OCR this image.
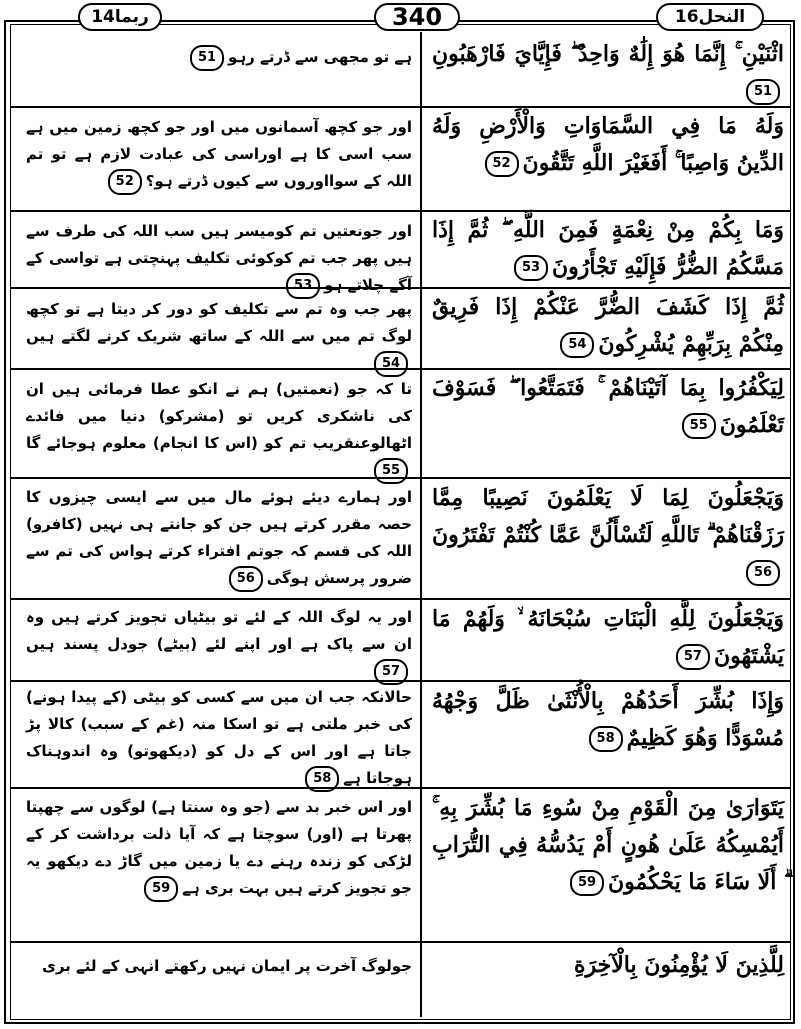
ربما14	340	النحل16
اثْنَيْنِ ۚ إِنَّمَا هُوَ إِلَٰهٌ وَاحِدٌ ۖ فَإِيَّايَ فَارْهَبُونِ51
ہے تو مجھی سے ڈرتے رہو51
وَلَهُ مَا فِي السَّمَاوَاتِ وَالْأَرْضِ وَلَهُ الدِّينُ وَاصِبًا ۚ أَفَغَيْرَ اللَّهِ تَتَّقُونَ52
اور جو کچھ آسمانوں میں اور جو کچھ زمین میں ہے سب اسی کا ہے اوراسی کی عبادت لازم ہے تو تم اللہ کے سوااوروں سے کیوں ڈرتے ہو؟52
وَمَا بِكُمْ مِنْ نِعْمَةٍ فَمِنَ اللَّهِ ۖ ثُمَّ إِذَا مَسَّكُمُ الضُّرُّ فَإِلَيْهِ تَجْأَرُونَ53
اور جونعتیں تم کومیسر ہیں سب اللہ کی طرف سے ہیں پھر جب تم کوکوئی تکلیف پہنچتی ہے تواسی کے آگے چلاتے ہو53
ثُمَّ إِذَا كَشَفَ الضُّرَّ عَنْكُمْ إِذَا فَرِيقٌ مِنْكُمْ بِرَبِّهِمْ يُشْرِكُونَ54
پھر جب وہ تم سے تکلیف کو دور کر دیتا ہے تو کچھ لوگ تم میں سے اللہ کے ساتھ شریک کرنے لگتے ہیں54
لِيَكْفُرُوا بِمَا آتَيْنَاهُمْ ۚ فَتَمَتَّعُوا ۖ فَسَوْفَ تَعْلَمُونَ55
تا کہ جو (نعمتیں) ہم نے انکو عطا فرمائی ہیں ان کی ناشکری کریں تو (مشرکو) دنیا میں فائدے اٹھالوعنقریب تم کو (اس کا انجام) معلوم ہوجائے گا55
وَيَجْعَلُونَ لِمَا لَا يَعْلَمُونَ نَصِيبًا مِمَّا رَزَقْنَاهُمْ ۗ تَاللَّهِ لَتُسْأَلُنَّ عَمَّا كُنْتُمْ تَفْتَرُونَ56
اور ہمارے دیئے ہوئے مال میں سے ایسی چیزوں کا حصہ مقرر کرتے ہیں جن کو جانتے ہی نہیں (کافرو) اللہ کی قسم کہ جوتم افتراء کرتے ہواس کی تم سے ضرور پرسش ہوگی56
وَيَجْعَلُونَ لِلَّهِ الْبَنَاتِ سُبْحَانَهُ ۙ وَلَهُمْ مَا يَشْتَهُونَ57
اور یہ لوگ اللہ کے لئے تو بیٹیاں تجویز کرتے ہیں وہ ان سے پاک ہے اور اپنے لئے (بیٹے) جودل پسند ہیں57
وَإِذَا بُشِّرَ أَحَدُهُمْ بِالْأُنْثَىٰ ظَلَّ وَجْهُهُ مُسْوَدًّا وَهُوَ كَظِيمٌ58
حالانکہ جب ان میں سے کسی کو بیٹی (کے پیدا ہونے) کی خبر ملتی ہے تو اسکا منہ (غم کے سبب) کالا پڑ جاتا ہے اور اس کے دل کو (دیکھوتو) وہ اندوہناک ہوجاتا ہے58
يَتَوَارَىٰ مِنَ الْقَوْمِ مِنْ سُوءِ مَا بُشِّرَ بِهِ ۚ أَيُمْسِكُهُ عَلَىٰ هُونٍ أَمْ يَدُسُّهُ فِي التُّرَابِ ۗ أَلَا سَاءَ مَا يَحْكُمُونَ59
اور اس خبر بد سے (جو وہ سنتا ہے) لوگوں سے چھپتا پھرتا ہے (اور) سوچتا ہے کہ آیا ذلت برداشت کر کے لڑکی کو زندہ رہنے دے یا زمین میں گاڑ دے دیکھو یہ جو تجویز کرتے ہیں بہت بری ہے59
لِلَّذِينَ لَا يُؤْمِنُونَ بِالْآخِرَةِ
جولوگ آخرت پر ایمان نہیں رکھتے انہی کے لئے بری
